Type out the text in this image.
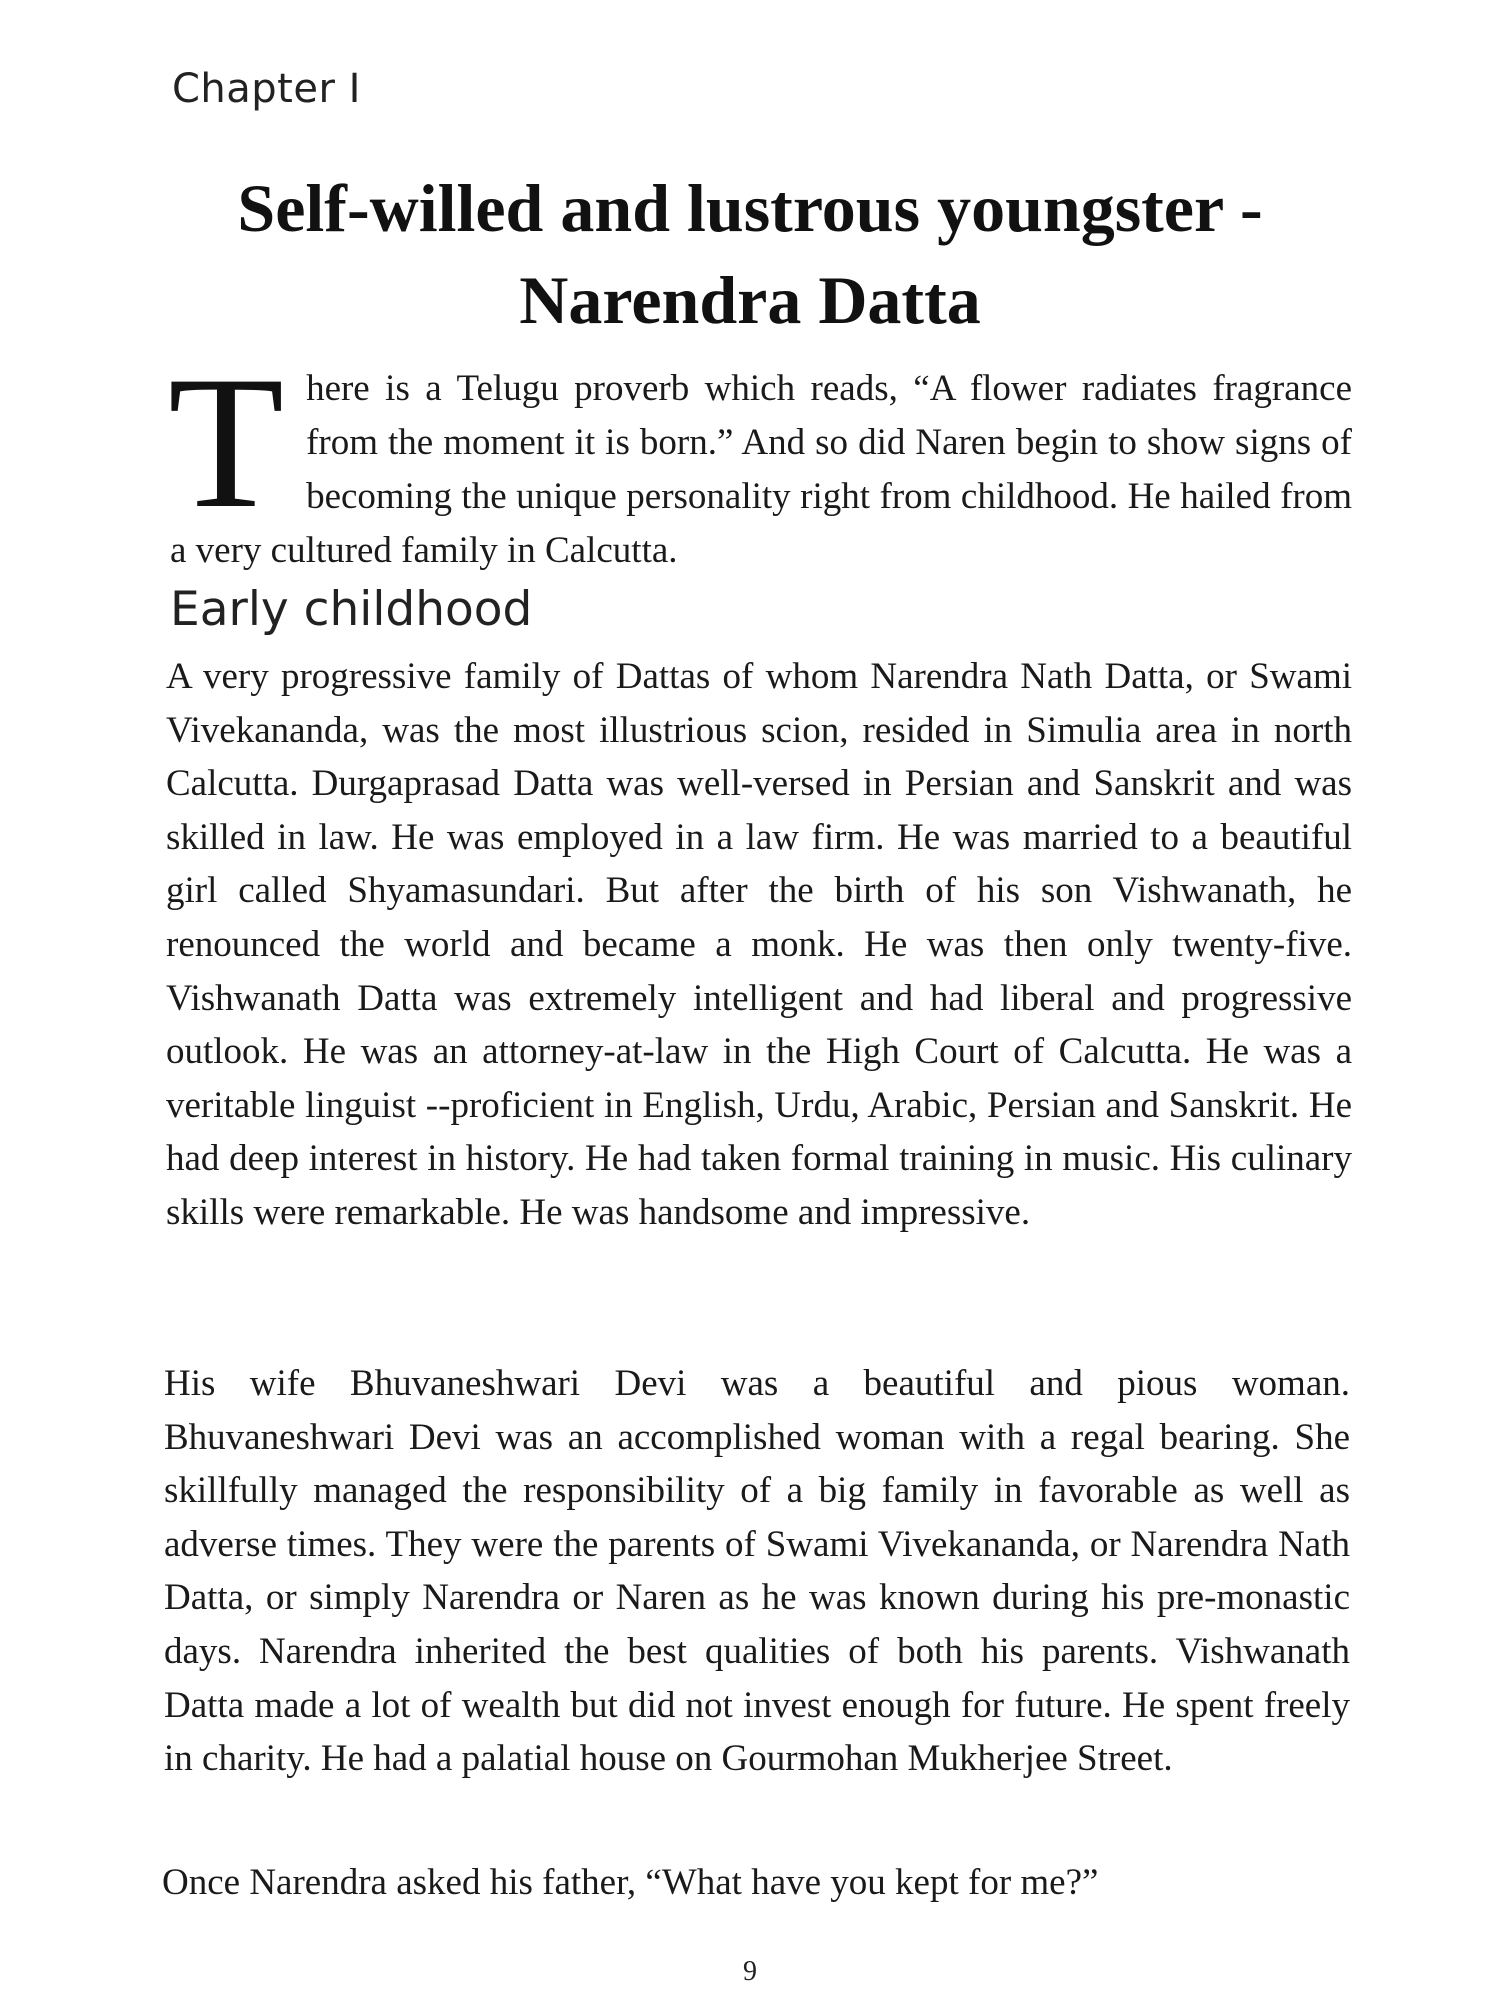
Chapter I
Self-willed and lustrous youngster -
Narendra Datta
T here is a Telugu proverb which reads, “A flower radiates fragrance from the moment it is born.” And so did Naren begin to show signs of becoming the unique personality right from childhood. He hailed from a very cultured family in Calcutta.
Early childhood

A very progressive family of Dattas of whom Narendra Nath Datta, or Swami Vivekananda, was the most illustrious scion, resided in Simulia area in north Calcutta. Durgaprasad Datta was well-versed in Persian and Sanskrit and was skilled in law. He was employed in a law firm. He was married to a beautiful girl called Shyamasundari. But after the birth of his son Vishwanath, he renounced the world and became a monk. He was then only twenty-five. Vishwanath Datta was extremely intelligent and had liberal and progressive outlook. He was an attorney-at-law in the High Court of Calcutta. He was a veritable linguist --proficient in English, Urdu, Arabic, Persian and Sanskrit. He had deep interest in history. He had taken formal training in music. His culinary skills were remarkable. He was handsome and impressive.

His wife Bhuvaneshwari Devi was a beautiful and pious woman. Bhuvaneshwari Devi was an accomplished woman with a regal bearing. She skillfully managed the responsibility of a big family in favorable as well as adverse times. They were the parents of Swami Vivekananda, or Narendra Nath Datta, or simply Narendra or Naren as he was known during his pre-monastic days. Narendra inherited the best qualities of both his parents. Vishwanath Datta made a lot of wealth but did not invest enough for future. He spent freely in charity. He had a palatial house on Gourmohan Mukherjee Street.

Once Narendra asked his father, “What have you kept for me?”

9
